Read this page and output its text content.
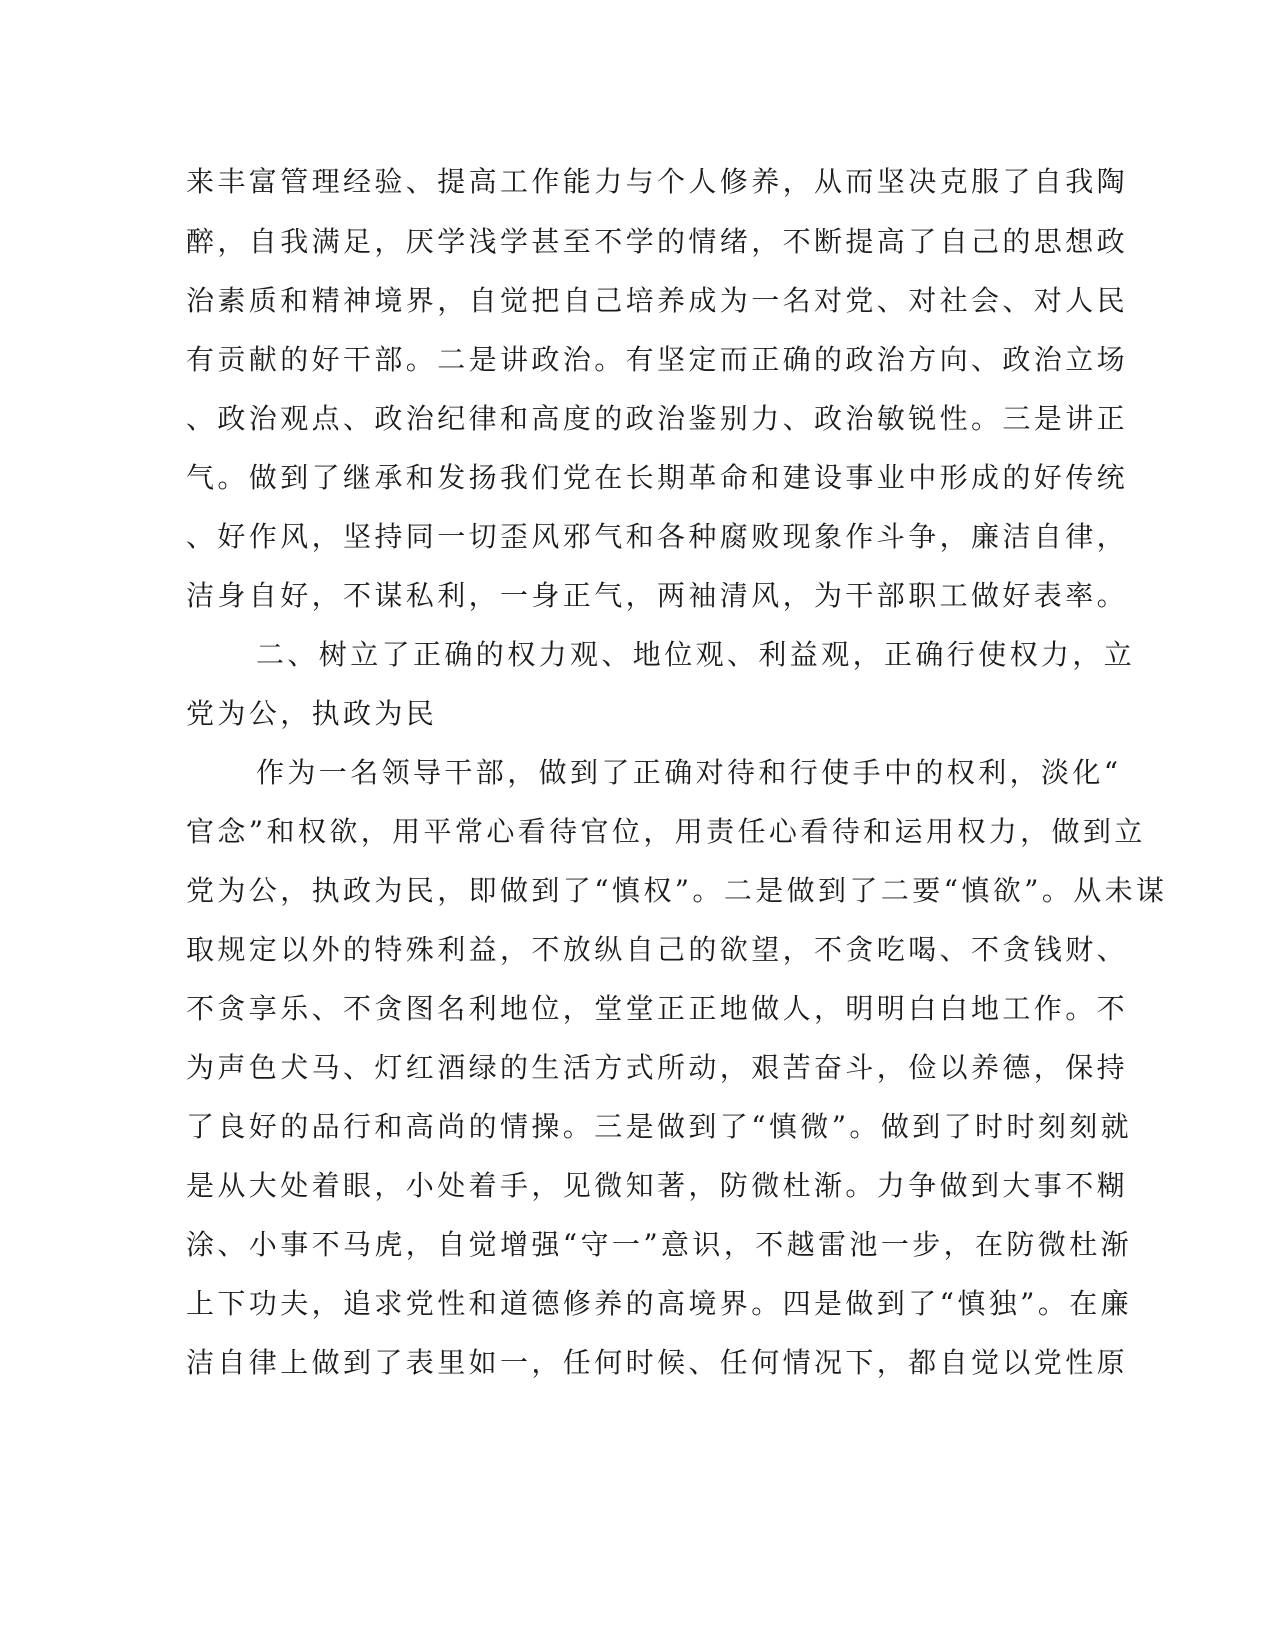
来丰富管理经验、提高工作能力与个人修养，从而坚决克服了自我陶
醉，自我满足，厌学浅学甚至不学的情绪，不断提高了自己的思想政
治素质和精神境界，自觉把自己培养成为一名对党、对社会、对人民
有贡献的好干部。二是讲政治。有坚定而正确的政治方向、政治立场
、政治观点、政治纪律和高度的政治鉴别力、政治敏锐性。三是讲正
气。做到了继承和发扬我们党在长期革命和建设事业中形成的好传统
、好作风，坚持同一切歪风邪气和各种腐败现象作斗争，廉洁自律，
洁身自好，不谋私利，一身正气，两袖清风，为干部职工做好表率。
二、树立了正确的权力观、地位观、利益观，正确行使权力，立
党为公，执政为民
作为一名领导干部，做到了正确对待和行使手中的权利，淡化“
官念”和权欲，用平常心看待官位，用责任心看待和运用权力，做到立
党为公，执政为民，即做到了“慎权”。二是做到了二要“慎欲”。从未谋
取规定以外的特殊利益，不放纵自己的欲望，不贪吃喝、不贪钱财、
不贪享乐、不贪图名利地位，堂堂正正地做人，明明白白地工作。不
为声色犬马、灯红酒绿的生活方式所动，艰苦奋斗，俭以养德，保持
了良好的品行和高尚的情操。三是做到了“慎微”。做到了时时刻刻就
是从大处着眼，小处着手，见微知著，防微杜渐。力争做到大事不糊
涂、小事不马虎，自觉增强“守一”意识，不越雷池一步，在防微杜渐
上下功夫，追求党性和道德修养的高境界。四是做到了“慎独”。在廉
洁自律上做到了表里如一，任何时候、任何情况下，都自觉以党性原
